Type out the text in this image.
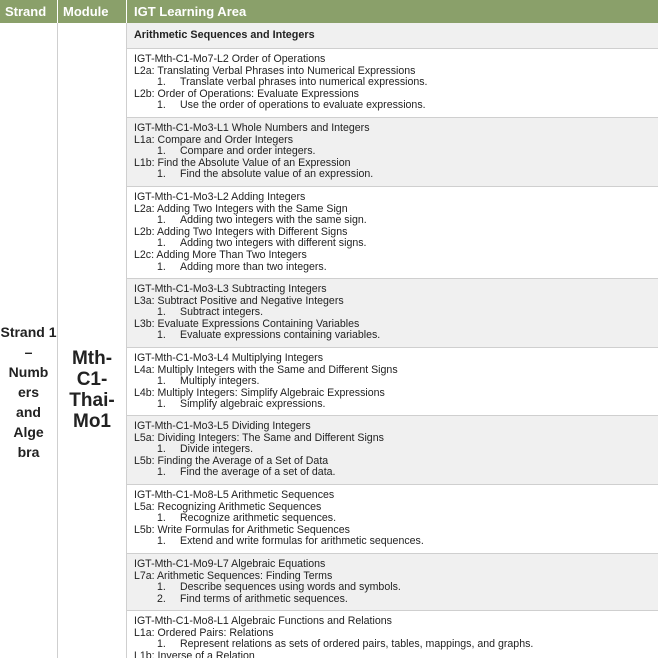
Strand Module IGT Learning Area
Strand 1
–
Numb
ers
and
Alge
bra
Mth-
C1-
Thai-
Mo1
Arithmetic Sequences and Integers
IGT-Mth-C1-Mo7-L2 Order of Operations
L2a: Translating Verbal Phrases into Numerical Expressions
1. Translate verbal phrases into numerical expressions.
L2b: Order of Operations: Evaluate Expressions
1. Use the order of operations to evaluate expressions.
IGT-Mth-C1-Mo3-L1 Whole Numbers and Integers
L1a: Compare and Order Integers
1. Compare and order integers.
L1b: Find the Absolute Value of an Expression
1. Find the absolute value of an expression.
IGT-Mth-C1-Mo3-L2 Adding Integers
L2a: Adding Two Integers with the Same Sign
1. Adding two integers with the same sign.
L2b: Adding Two Integers with Different Signs
1. Adding two integers with different signs.
L2c: Adding More Than Two Integers
1. Adding more than two integers.
IGT-Mth-C1-Mo3-L3 Subtracting Integers
L3a: Subtract Positive and Negative Integers
1. Subtract integers.
L3b: Evaluate Expressions Containing Variables
1. Evaluate expressions containing variables.
IGT-Mth-C1-Mo3-L4 Multiplying Integers
L4a: Multiply Integers with the Same and Different Signs
1. Multiply integers.
L4b: Multiply Integers: Simplify Algebraic Expressions
1. Simplify algebraic expressions.
IGT-Mth-C1-Mo3-L5 Dividing Integers
L5a: Dividing Integers: The Same and Different Signs
1. Divide integers.
L5b: Finding the Average of a Set of Data
1. Find the average of a set of data.
IGT-Mth-C1-Mo8-L5 Arithmetic Sequences
L5a: Recognizing Arithmetic Sequences
1. Recognize arithmetic sequences.
L5b: Write Formulas for Arithmetic Sequences
1. Extend and write formulas for arithmetic sequences.
IGT-Mth-C1-Mo9-L7 Algebraic Equations
L7a: Arithmetic Sequences: Finding Terms
1. Describe sequences using words and symbols.
2. Find terms of arithmetic sequences.
IGT-Mth-C1-Mo8-L1 Algebraic Functions and Relations
L1a: Ordered Pairs: Relations
1. Represent relations as sets of ordered pairs, tables, mappings, and graphs.
L1b: Inverse of a Relation
